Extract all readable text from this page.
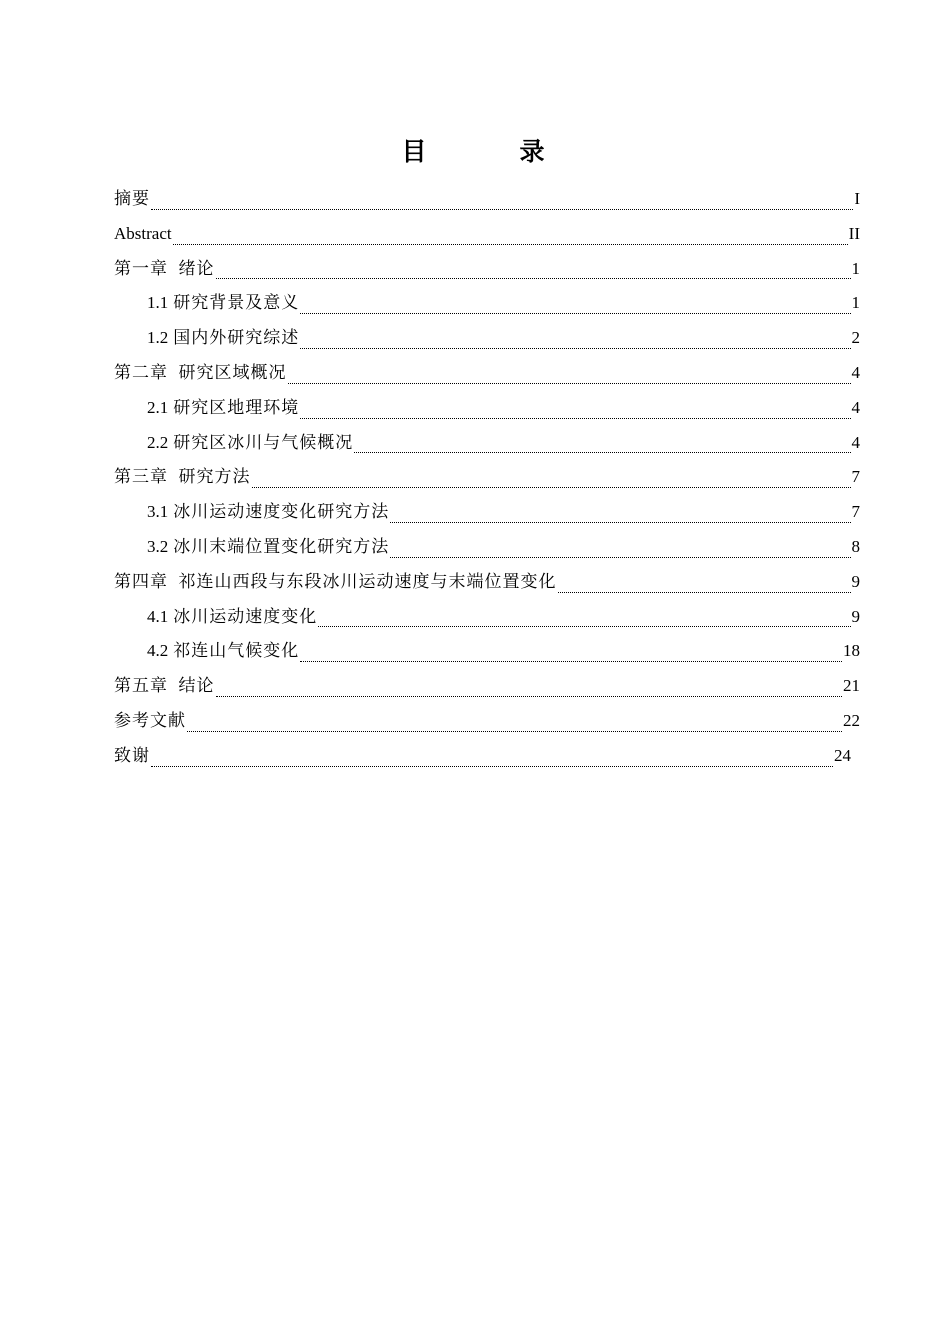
目　录
摘要	I
Abstract	II
第一章  绪论	1
1.1 研究背景及意义	1
1.2 国内外研究综述	2
第二章  研究区域概况	4
2.1 研究区地理环境	4
2.2 研究区冰川与气候概况	4
第三章  研究方法	7
3.1 冰川运动速度变化研究方法	7
3.2 冰川末端位置变化研究方法	8
第四章  祁连山西段与东段冰川运动速度与末端位置变化	9
4.1 冰川运动速度变化	9
4.2 祁连山气候变化	18
第五章  结论	21
参考文献	22
致谢	24
